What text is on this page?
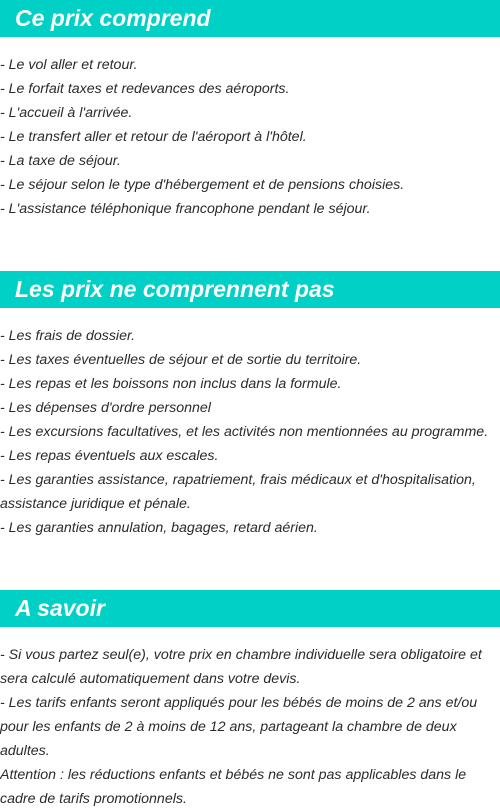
Ce prix comprend
- Le vol aller et retour.
- Le forfait taxes et redevances des aéroports.
- L'accueil à l'arrivée.
- Le transfert aller et retour de l'aéroport à l'hôtel.
- La taxe de séjour.
- Le séjour selon le type d'hébergement et de pensions choisies.
- L'assistance téléphonique francophone pendant le séjour.
Les prix ne comprennent pas
- Les frais de dossier.
- Les taxes éventuelles de séjour et de sortie du territoire.
- Les repas et les boissons non inclus dans la formule.
- Les dépenses d'ordre personnel
- Les excursions facultatives, et les activités non mentionnées au programme.
- Les repas éventuels aux escales.
- Les garanties assistance, rapatriement, frais médicaux et d'hospitalisation, assistance juridique et pénale.
- Les garanties annulation, bagages, retard aérien.
A savoir
- Si vous partez seul(e), votre prix en chambre individuelle sera obligatoire et sera calculé automatiquement dans votre devis.
- Les tarifs enfants seront appliqués pour les bébés de moins de 2 ans et/ou pour les enfants de 2 à moins de 12 ans, partageant la chambre de deux adultes.
Attention : les réductions enfants et bébés ne sont pas applicables dans le cadre de tarifs promotionnels.
